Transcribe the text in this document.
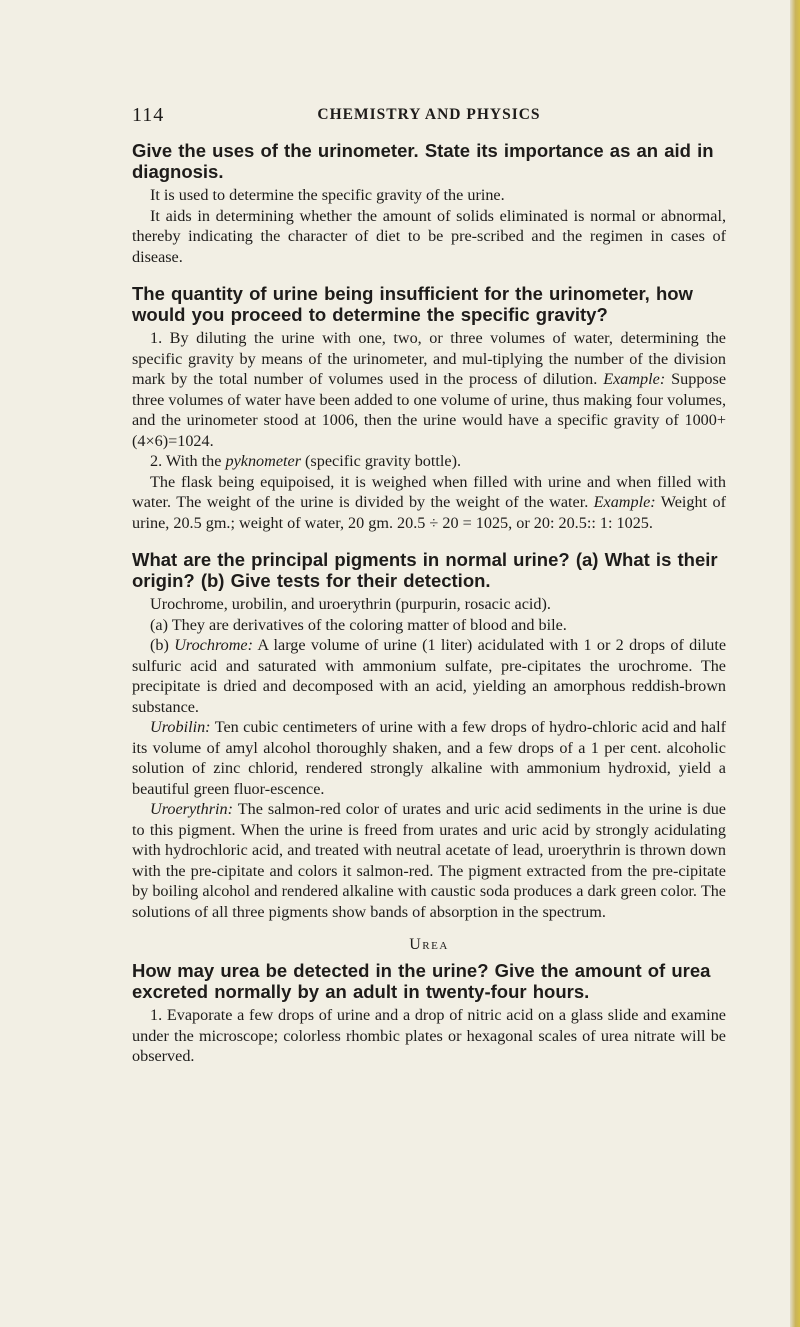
114	CHEMISTRY AND PHYSICS
Give the uses of the urinometer. State its importance as an aid in diagnosis.

It is used to determine the specific gravity of the urine.

It aids in determining whether the amount of solids eliminated is normal or abnormal, thereby indicating the character of diet to be pre-scribed and the regimen in cases of disease.

The quantity of urine being insufficient for the urinometer, how would you proceed to determine the specific gravity?

1. By diluting the urine with one, two, or three volumes of water, determining the specific gravity by means of the urinometer, and mul-tiplying the number of the division mark by the total number of volumes used in the process of dilution. Example: Suppose three volumes of water have been added to one volume of urine, thus making four volumes, and the urinometer stood at 1006, then the urine would have a specific gravity of 1000+(4×6)=1024.

2. With the pyknometer (specific gravity bottle).

The flask being equipoised, it is weighed when filled with urine and when filled with water. The weight of the urine is divided by the weight of the water. Example: Weight of urine, 20.5 gm.; weight of water, 20 gm. 20.5 ÷ 20 = 1025, or 20: 20.5:: 1: 1025.

What are the principal pigments in normal urine? (a) What is their origin? (b) Give tests for their detection.

Urochrome, urobilin, and uroerythrin (purpurin, rosacic acid).

(a) They are derivatives of the coloring matter of blood and bile.

(b) Urochrome: A large volume of urine (1 liter) acidulated with 1 or 2 drops of dilute sulfuric acid and saturated with ammonium sulfate, pre-cipitates the urochrome. The precipitate is dried and decomposed with an acid, yielding an amorphous reddish-brown substance.

Urobilin: Ten cubic centimeters of urine with a few drops of hydro-chloric acid and half its volume of amyl alcohol thoroughly shaken, and a few drops of a 1 per cent. alcoholic solution of zinc chlorid, rendered strongly alkaline with ammonium hydroxid, yield a beautiful green fluor-escence.

Uroerythrin: The salmon-red color of urates and uric acid sediments in the urine is due to this pigment. When the urine is freed from urates and uric acid by strongly acidulating with hydrochloric acid, and treated with neutral acetate of lead, uroerythrin is thrown down with the pre-cipitate and colors it salmon-red. The pigment extracted from the pre-cipitate by boiling alcohol and rendered alkaline with caustic soda produces a dark green color. The solutions of all three pigments show bands of absorption in the spectrum.

Urea
How may urea be detected in the urine? Give the amount of urea excreted normally by an adult in twenty-four hours.

1. Evaporate a few drops of urine and a drop of nitric acid on a glass slide and examine under the microscope; colorless rhombic plates or hexagonal scales of urea nitrate will be observed.
